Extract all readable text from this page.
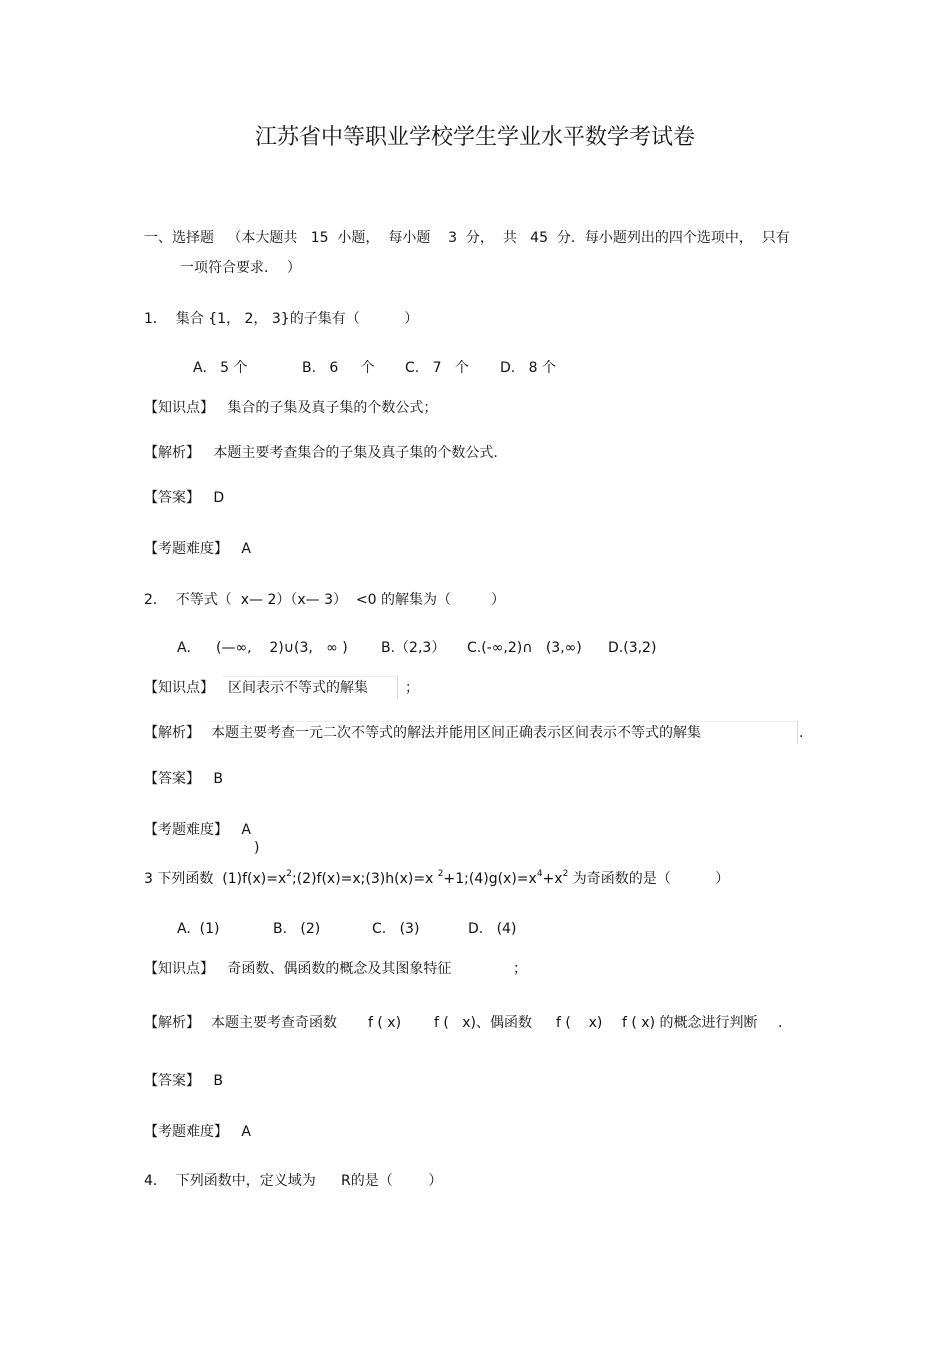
江苏省中等职业学校学生学业水平数学考试卷
一、选择题   （本大题共   15  小题，  每小题    3  分，  共   45  分．每小题列出的四个选项中，  只有
一项符合要求．  ）
1．  集合 {1， 2， 3}的子集有（          ）
A.   5 个	B.   6     个 C.   7   个 D.   8 个
【知识点】   集合的子集及真子集的个数公式；
【解析】   本题主要考查集合的子集及真子集的个数公式.
【答案】   D
【考题难度】   A
2．  不等式（  x— 2）（x— 3）  <0 的解集为（         ）
A. (—∞,    2)∪(3,   ∞ ) B.（2,3） C.(-∞,2)∩   (3,∞) D.(3,2)
【知识点】 区间表示不等式的解集	；
【解析】 本题主要考查一元二次不等式的解法并能用区间正确表示区间表示不等式的解集	.
【答案】   B
【考题难度】   A
)
3 下列函数  $(1)f(x)=x^2;(2)f(x)=x;(3)h(x)=x$ $^2+1;(4)g(x)=x^4+x^2$ 为奇函数的是（          ）
A.  (1)	B.   (2)	C.   (3)	D.   (4)
【知识点】   奇函数、偶函数的概念及其图象特征	；
【解析】 本题主要考查奇函数 f ( x) f (   x)、偶函数 f (    x) f ( x) 的概念进行判断 .
【答案】   B
【考题难度】   A
4．  下列函数中，定义域为 R的是（        ）
